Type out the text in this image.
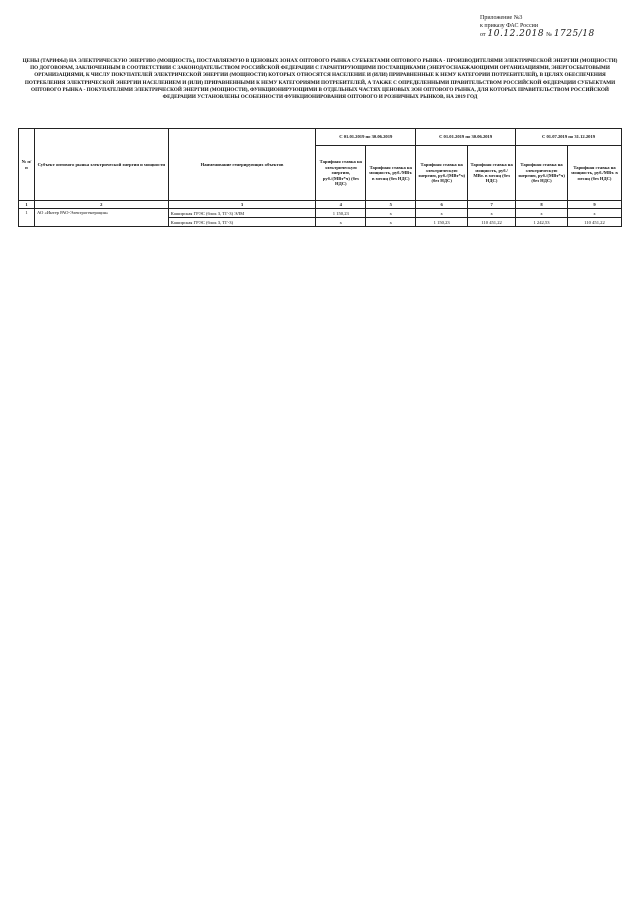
Приложение №3
к приказу ФАС России
от 10.12.2018 № 1725/18
ЦЕНЫ (ТАРИФЫ) НА ЭЛЕКТРИЧЕСКУЮ ЭНЕРГИЮ (МОЩНОСТЬ), ПОСТАВЛЯЕМУЮ В ЦЕНОВЫХ ЗОНАХ ОПТОВОГО РЫНКА СУБЪЕКТАМИ ОПТОВОГО РЫНКА - ПРОИЗВОДИТЕЛЯМИ ЭЛЕКТРИЧЕСКОЙ ЭНЕРГИИ (МОЩНОСТИ) ПО ДОГОВОРАМ, ЗАКЛЮЧЕННЫМ В СООТВЕТСТВИИ С ЗАКОНОДАТЕЛЬСТВОМ РОССИЙСКОЙ ФЕДЕРАЦИИ С ГАРАНТИРУЮЩИМИ ПОСТАВЩИКАМИ (ЭНЕРГОСНАБЖАЮЩИМИ ОРГАНИЗАЦИЯМИ, ЭНЕРГОСБЫТОВЫМИ ОРГАНИЗАЦИЯМИ, К ЧИСЛУ ПОКУПАТЕЛЕЙ ЭЛЕКТРИЧЕСКОЙ ЭНЕРГИИ (МОЩНОСТИ) КОТОРЫХ ОТНОСЯТСЯ НАСЕЛЕНИЕ И (ИЛИ) ПРИРАВНЕННЫЕ К НЕМУ КАТЕГОРИИ ПОТРЕБИТЕЛЕЙ), В ЦЕЛЯХ ОБЕСПЕЧЕНИЯ ПОТРЕБЛЕНИЯ ЭЛЕКТРИЧЕСКОЙ ЭНЕРГИИ НАСЕЛЕНИЕМ И (ИЛИ) ПРИРАВНЕННЫМИ К НЕМУ КАТЕГОРИЯМИ ПОТРЕБИТЕЛЕЙ, А ТАКЖЕ С ОПРЕДЕЛЕННЫМИ ПРАВИТЕЛЬСТВОМ РОССИЙСКОЙ ФЕДЕРАЦИИ СУБЪЕКТАМИ ОПТОВОГО РЫНКА - ПОКУПАТЕЛЯМИ ЭЛЕКТРИЧЕСКОЙ ЭНЕРГИИ (МОЩНОСТИ), ФУНКЦИОНИРУЮЩИМИ В ОТДЕЛЬНЫХ ЧАСТЯХ ЦЕНОВЫХ ЗОН ОПТОВОГО РЫНКА, ДЛЯ КОТОРЫХ ПРАВИТЕЛЬСТВОМ РОССИЙСКОЙ ФЕДЕРАЦИИ УСТАНОВЛЕНЫ ОСОБЕННОСТИ ФУНКЦИОНИРОВАНИЯ ОПТОВОГО И РОЗНИЧНЫХ РЫНКОВ, НА 2019 ГОД
№ п/п	Субъект оптового рынка электрической энергии и мощности	Наименование генерирующих объектов	С 01.01.2019 по 30.06.2019		С 01.01.2019 по 30.06.2019		С 01.07.2019 по 31.12.2019	
			Тарифная ставка на электрическую энергию, руб./(МВт*ч) (без НДС)	Тарифная ставка на мощность, руб./МВт. в месяц (без НДС)	Тарифная ставка на электрическую энергию, руб./(МВт*ч) (без НДС)	Тарифная ставка на мощность, руб./МВт. в месяц (без НДС)	Тарифная ставка на электрическую энергию, руб./(МВт*ч) (без НДС)	Тарифная ставка на мощность, руб./МВт. в месяц (без НДС)
1	2	3	4	5	6	7	8	9
1	АО «Интер РАО-Электрогенерация»	Каширская ГРЭС (блок 3, ТГ-3) ЭЛМ	1 150,23	х	х	х	х	х
		Каширская ГРЭС (блок 3, ТГ-3)	х	х	1 150,23	110 451,22	1 242,53	110 451,22
